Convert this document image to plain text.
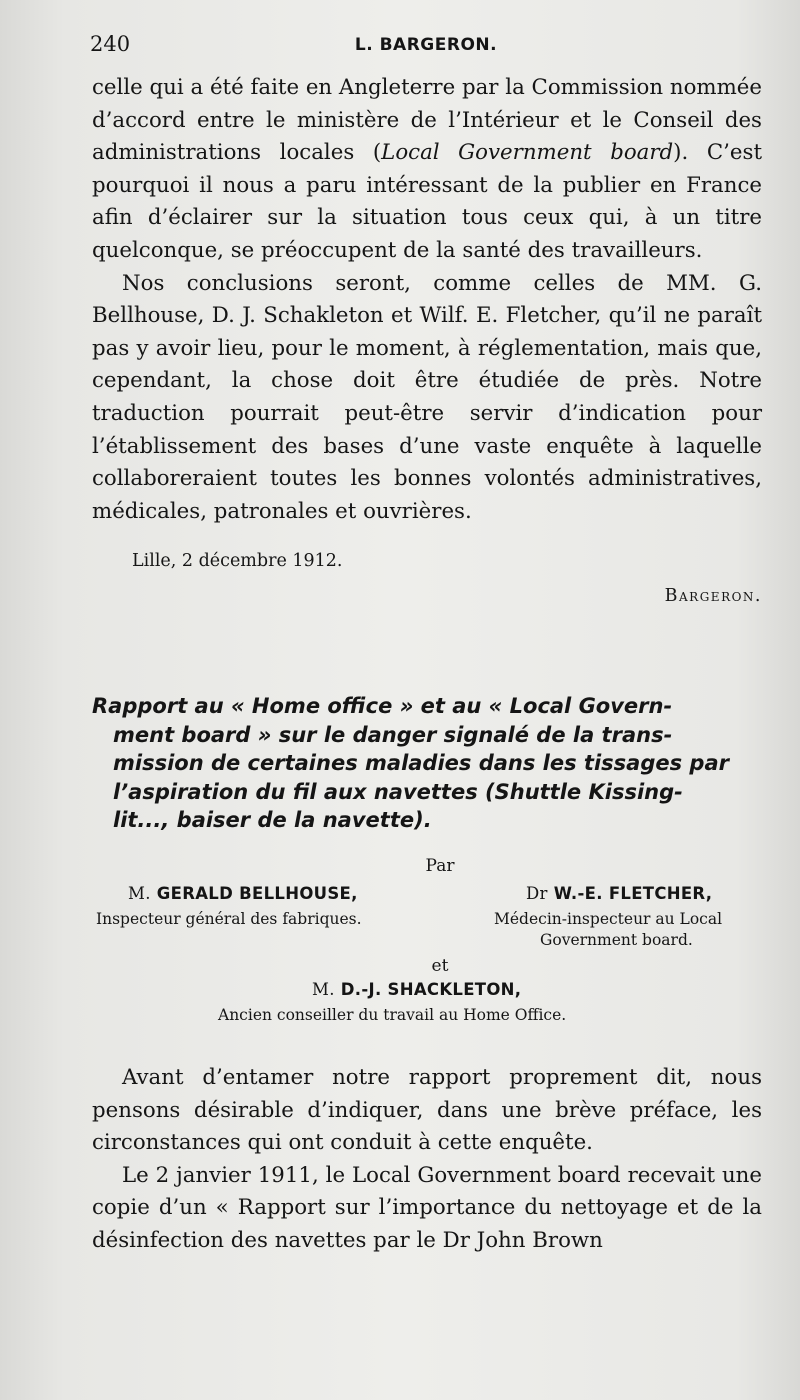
240	L. BARGERON.

celle qui a été faite en Angleterre par la Commission nommée d’accord entre le ministère de l’Intérieur et le Conseil des administrations locales (Local Government board). C’est pourquoi il nous a paru intéressant de la publier en France afin d’éclairer sur la situation tous ceux qui, à un titre quelconque, se préoccupent de la santé des travailleurs.

Nos conclusions seront, comme celles de MM. G. Bellhouse, D. J. Schakleton et Wilf. E. Fletcher, qu’il ne paraît pas y avoir lieu, pour le moment, à réglementation, mais que, cependant, la chose doit être étudiée de près. Notre traduction pourrait peut-être servir d’indication pour l’établissement des bases d’une vaste enquête à laquelle collaboreraient toutes les bonnes volontés administratives, médicales, patronales et ouvrières.

Lille, 2 décembre 1912.

Bargeron.

Rapport au « Home office » et au « Local Govern-
ment board » sur le danger signalé de la trans-
mission de certaines maladies dans les tissages par
l’aspiration du fil aux navettes (Shuttle Kissing-
lit..., baiser de la navette).

Par
M. GERALD BELLHOUSE,
Inspecteur général des fabriques.
Dr W.-E. FLETCHER,
Médecin-inspecteur au Local
Government board.
et
M. D.-J. SHACKLETON,
Ancien conseiller du travail au Home Office.

Avant d’entamer notre rapport proprement dit, nous pensons désirable d’indiquer, dans une brève préface, les circonstances qui ont conduit à cette enquête.

Le 2 janvier 1911, le Local Government board recevait une copie d’un « Rapport sur l’importance du nettoyage et de la désinfection des navettes par le Dr John Brown
